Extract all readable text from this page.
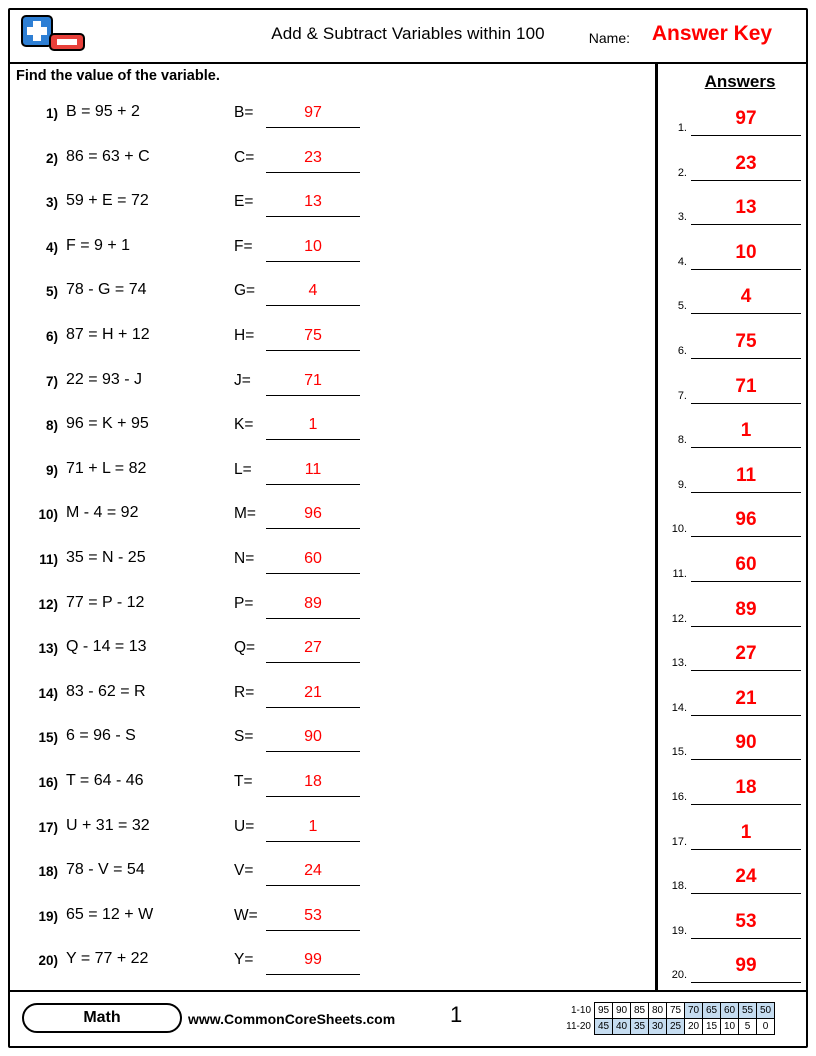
Add & Subtract Variables within 100	Name:	Answer Key
Find the value of the variable.
1) B = 95 + 2	B=	97
2) 86 = 63 + C	C=	23
3) 59 + E = 72	E=	13
4) F = 9 + 1	F=	10
5) 78 - G = 74	G=	4
6) 87 = H + 12	H=	75
7) 22 = 93 - J	J=	71
8) 96 = K + 95	K=	1
9) 71 + L = 82	L=	11
10) M - 4 = 92	M=	96
11) 35 = N - 25	N=	60
12) 77 = P - 12	P=	89
13) Q - 14 = 13	Q=	27
14) 83 - 62 = R	R=	21
15) 6 = 96 - S	S=	90
16) T = 64 - 46	T=	18
17) U + 31 = 32	U=	1
18) 78 - V = 54	V=	24
19) 65 = 12 + W	W=	53
20) Y = 77 + 22	Y=	99
Answers
1.	97
2.	23
3.	13
4.	10
5.	4
6.	75
7.	71
8.	1
9.	11
10.	96
11.	60
12.	89
13.	27
14.	21
15.	90
16.	18
17.	1
18.	24
19.	53
20.	99
Math	www.CommonCoreSheets.com 1	1-10	95	90	85	80	75	70	65	60	55	50
11-20	45	40	35	30	25	20	15	10	5	0
